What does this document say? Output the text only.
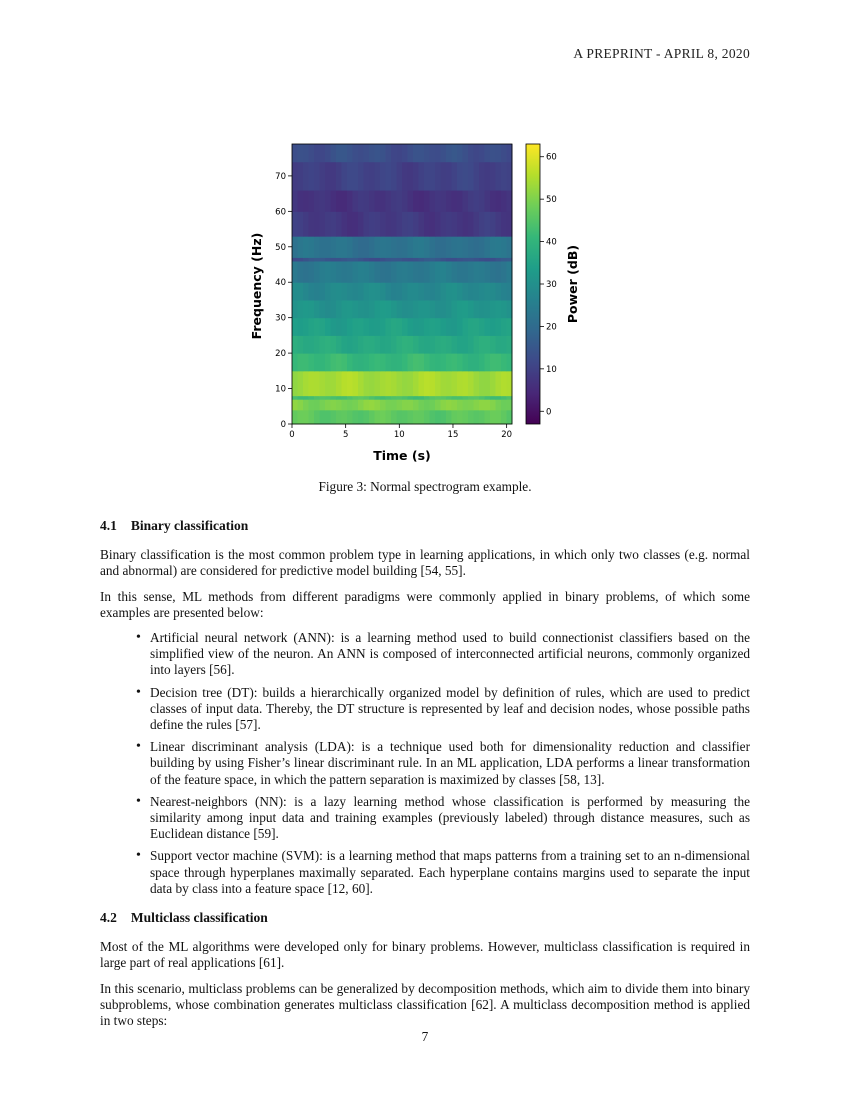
A PREPRINT - APRIL 8, 2020
0	5	10	15	20
0
10
20
30
40
50
60
70
0
10
20
30
40
50
60
Time (s)
Frequency (Hz)	Power (dB)
Figure 3: Normal spectrogram example.
4.1 Binary classification

Binary classification is the most common problem type in learning applications, in which only two classes (e.g. normal and abnormal) are considered for predictive model building [54, 55].

In this sense, ML methods from different paradigms were commonly applied in binary problems, of which some examples are presented below:

• Artificial neural network (ANN): is a learning method used to build connectionist classifiers based on the simplified view of the neuron. An ANN is composed of interconnected artificial neurons, commonly organized into layers [56].
• Decision tree (DT): builds a hierarchically organized model by definition of rules, which are used to predict classes of input data. Thereby, the DT structure is represented by leaf and decision nodes, whose possible paths define the rules [57].
• Linear discriminant analysis (LDA): is a technique used both for dimensionality reduction and classifier building by using Fisher’s linear discriminant rule. In an ML application, LDA performs a linear transformation of the feature space, in which the pattern separation is maximized by classes [58, 13].
• Nearest-neighbors (NN): is a lazy learning method whose classification is performed by measuring the similarity among input data and training examples (previously labeled) through distance measures, such as Euclidean distance [59].
• Support vector machine (SVM): is a learning method that maps patterns from a training set to an n-dimensional space through hyperplanes maximally separated. Each hyperplane contains margins used to separate the input data by class into a feature space [12, 60].
4.2 Multiclass classification

Most of the ML algorithms were developed only for binary problems. However, multiclass classification is required in large part of real applications [61].

In this scenario, multiclass problems can be generalized by decomposition methods, which aim to divide them into binary subproblems, whose combination generates multiclass classification [62]. A multiclass decomposition method is applied in two steps:

7
